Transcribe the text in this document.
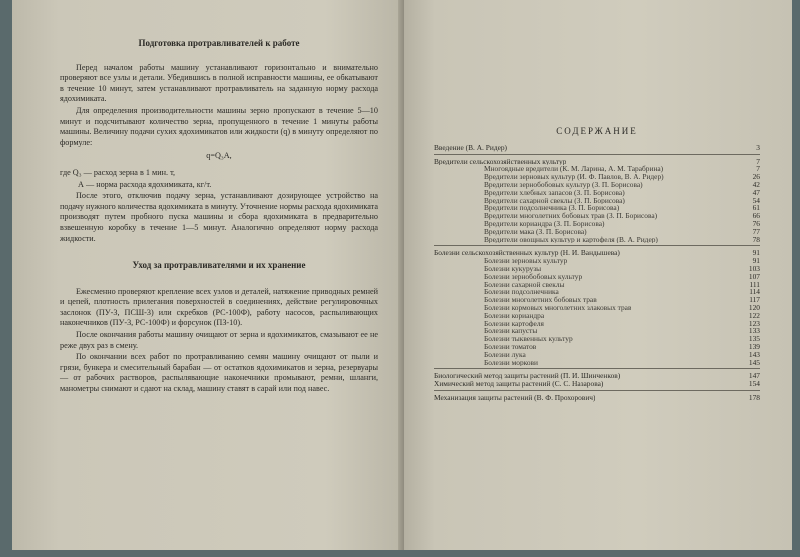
Подготовка протравливателей к работе

Перед началом работы машину устанавливают горизонтально и внимательно проверяют все узлы и детали. Убедившись в полной исправности машины, ее обкатывают в течение 10 минут, затем устанавливают протравливатель на заданную норму расхода ядохимиката.

Для определения производительности машины зерно пропускают в течение 5—10 минут и подсчитывают количество зерна, пропущенного в течение 1 минуты работы машины. Величину подачи сухих ядохимикатов или жидкости (q) в минуту определяют по формуле:

q=Q₃A,

где Q₃ — расход зерна в 1 мин. т,

А — норма расхода ядохимиката, кг/т.

После этого, отключив подачу зерна, устанавливают дозирующее устройство на подачу нужного количества ядохимиката в минуту. Уточнение нормы расхода ядохимиката производят путем пробного пуска машины и сбора ядохимиката в предварительно взвешенную коробку в течение 1—5 минут. Аналогично определяют норму расхода жидкости.

Уход за протравливателями и их хранение

Ежесменно проверяют крепление всех узлов и деталей, натяжение приводных ремней и цепей, плотность прилегания поверхностей в соединениях, действие регулировочных заслонок (ПУ-3, ПСШ-3) или скребков (РС-100Ф), работу насосов, распыливающих наконечников (ПУ-3, РС-100Ф) и форсунок (ПЗ-10).

После окончания работы машину очищают от зерна и ядохимикатов, смазывают ее не реже двух раз в смену.

По окончании всех работ по протравливанию семян машину очищают от пыли и грязи, бункера и смесительный барабан — от остатков ядохимикатов и зерна, резервуары — от рабочих растворов, распылявающие наконечники промывают, ремни, шланги, манометры снимают и сдают на склад, машину ставят в сарай или под навес.

СОДЕРЖАНИЕ
Введение (В. А. Ридер)	3
Вредители сельскохозяйственных культур	7
Многоядные вредители (К. М. Ларина, А. М. Тарабрина)	7
Вредители зерновых культур (И. Ф. Павлов, В. А. Ридер)	26
Вредители зернобобовых культур (З. П. Борисова)	42
Вредители хлебных запасов (З. П. Борисова)	47
Вредители сахарной свеклы (З. П. Борисова)	54
Вредители подсолнечника (З. П. Борисова)	61
Вредители многолетних бобовых трав (З. П. Борисова)	66
Вредители кориандра (З. П. Борисова)	76
Вредители мака (З. П. Борисова)	77
Вредители овощных культур и картофеля (В. А. Ридер)	78
Болезни сельскохозяйственных культур (Н. И. Вандышева)	91
Болезни зерновых культур	91
Болезни кукурузы	103
Болезни зернобобовых культур	107
Болезни сахарной свеклы	111
Болезни подсолнечника	114
Болезни многолетних бобовых трав	117
Болезни кормовых многолетних злаковых трав	120
Болезни кориандра	122
Болезни картофеля	123
Болезни капусты	133
Болезни тыквенных культур	135
Болезни томатов	139
Болезни лука	143
Болезни моркови	145
Биологический метод защиты растений (П. И. Шинченков)	147
Химический метод защиты растений (С. С. Назарова)	154
Механизация защиты растений (В. Ф. Прохорович)	178
